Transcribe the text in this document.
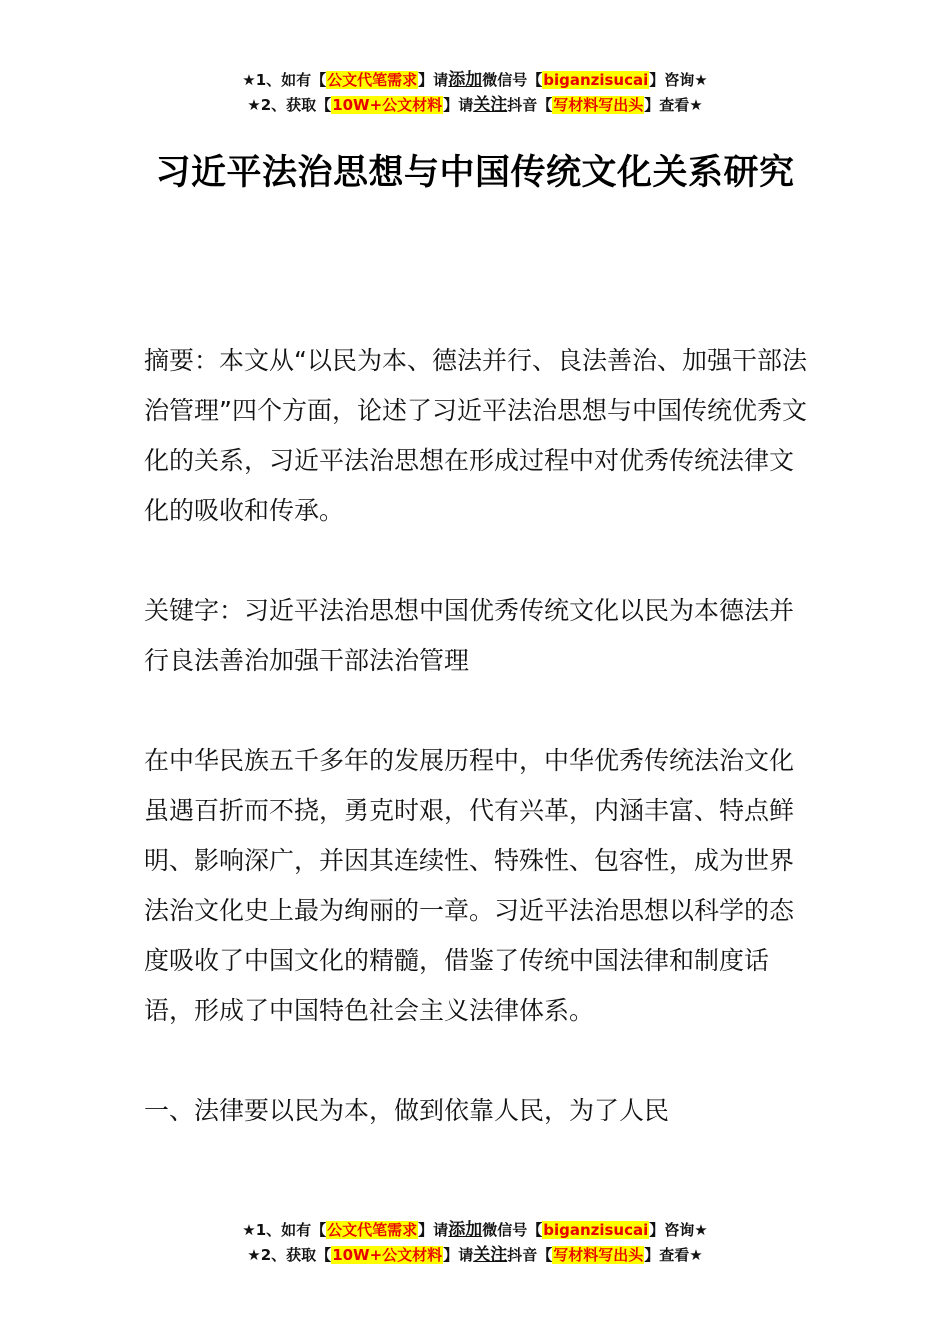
★1、如有【公文代笔需求】请添加微信号【biganzisucai】咨询★
★2、获取【10W+公文材料】请关注抖音【写材料写出头】查看★
习近平法治思想与中国传统文化关系研究

摘要：本文从“以民为本、德法并行、良法善治、加强干部法治管理”四个方面，论述了习近平法治思想与中国传统优秀文化的关系，习近平法治思想在形成过程中对优秀传统法律文化的吸收和传承。

关键字：习近平法治思想中国优秀传统文化以民为本德法并行良法善治加强干部法治管理

在中华民族五千多年的发展历程中，中华优秀传统法治文化虽遇百折而不挠，勇克时艰，代有兴革，内涵丰富、特点鲜明、影响深广，并因其连续性、特殊性、包容性，成为世界法治文化史上最为绚丽的一章。习近平法治思想以科学的态度吸收了中国文化的精髓，借鉴了传统中国法律和制度话语，形成了中国特色社会主义法律体系。

一、法律要以民为本，做到依靠人民，为了人民

★1、如有【公文代笔需求】请添加微信号【biganzisucai】咨询★
★2、获取【10W+公文材料】请关注抖音【写材料写出头】查看★
